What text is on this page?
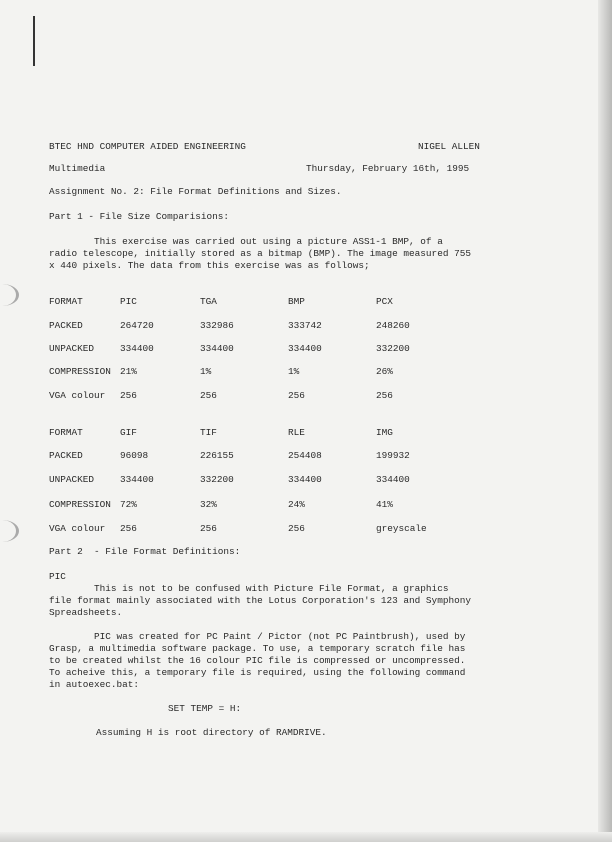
BTEC HND COMPUTER AIDED ENGINEERING	NIGEL ALLEN
Multimedia	Thursday, February 16th, 1995
Assignment No. 2: File Format Definitions and Sizes.
Part 1 - File Size Comparisions:
This exercise was carried out using a picture ASS1-1 BMP, of a
radio telescope, initially stored as a bitmap (BMP). The image measured 755
x 440 pixels. The data from this exercise was as follows;
FORMAT	PIC	TGA	BMP	PCX
PACKED	264720	332986	333742	248260
UNPACKED	334400	334400	334400	332200
COMPRESSION 21%	1%	1%	26%
VGA colour 256	256	256	256
FORMAT	GIF	TIF	RLE	IMG
PACKED	96098	226155	254408	199932
UNPACKED	334400	332200	334400	334400
COMPRESSION 72%	32%	24%	41%
VGA colour 256	256	256	greyscale
Part 2  - File Format Definitions:
PIC
This is not to be confused with Picture File Format, a graphics
file format mainly associated with the Lotus Corporation's 123 and Symphony
Spreadsheets.
PIC was created for PC Paint / Pictor (not PC Paintbrush), used by
Grasp, a multimedia software package. To use, a temporary scratch file has
to be created whilst the 16 colour PIC file is compressed or uncompressed.
To acheive this, a temporary file is required, using the following command
in autoexec.bat:
SET TEMP = H:
Assuming H is root directory of RAMDRIVE.
